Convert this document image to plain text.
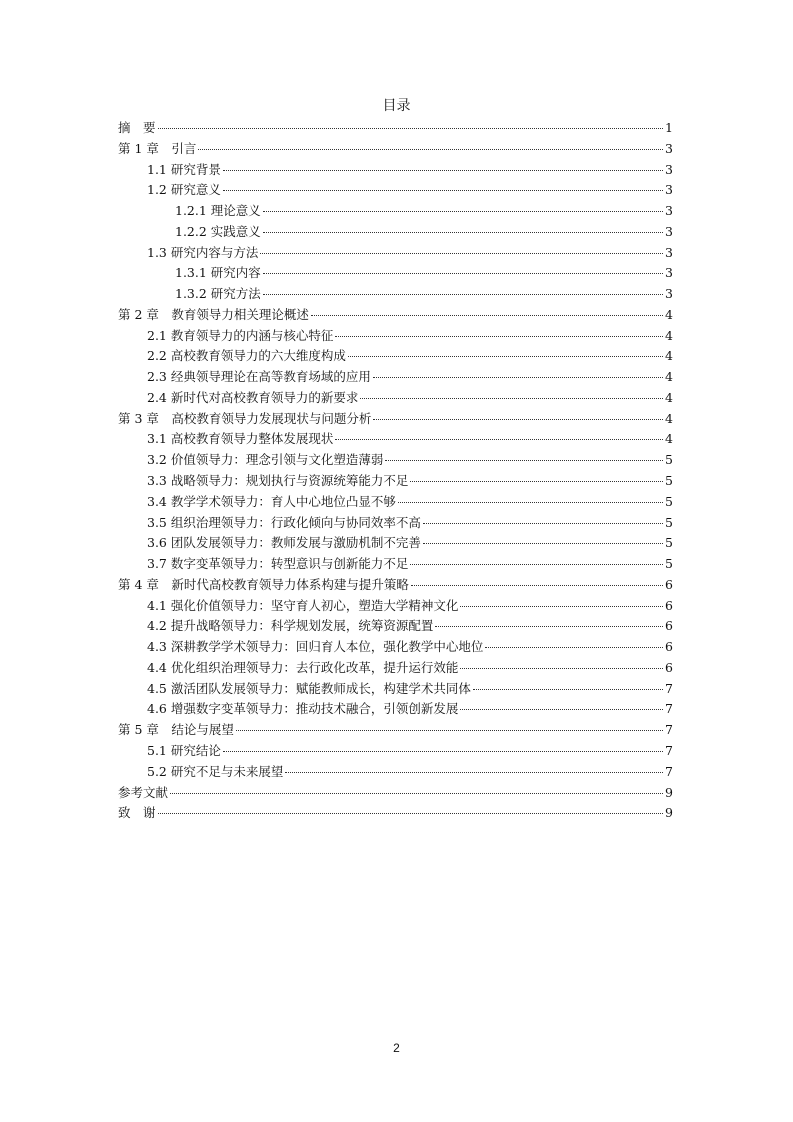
目录
摘　要	1
第 1 章　引言	3
1.1 研究背景	3
1.2 研究意义	3
1.2.1 理论意义	3
1.2.2 实践意义	3
1.3 研究内容与方法	3
1.3.1 研究内容	3
1.3.2 研究方法	3
第 2 章　教育领导力相关理论概述	4
2.1 教育领导力的内涵与核心特征	4
2.2 高校教育领导力的六大维度构成	4
2.3 经典领导理论在高等教育场域的应用	4
2.4 新时代对高校教育领导力的新要求	4
第 3 章　高校教育领导力发展现状与问题分析	4
3.1 高校教育领导力整体发展现状	4
3.2 价值领导力：理念引领与文化塑造薄弱	5
3.3 战略领导力：规划执行与资源统筹能力不足	5
3.4 教学学术领导力：育人中心地位凸显不够	5
3.5 组织治理领导力：行政化倾向与协同效率不高	5
3.6 团队发展领导力：教师发展与激励机制不完善	5
3.7 数字变革领导力：转型意识与创新能力不足	5
第 4 章　新时代高校教育领导力体系构建与提升策略	6
4.1 强化价值领导力：坚守育人初心，塑造大学精神文化	6
4.2 提升战略领导力：科学规划发展，统筹资源配置	6
4.3 深耕教学学术领导力：回归育人本位，强化教学中心地位	6
4.4 优化组织治理领导力：去行政化改革，提升运行效能	6
4.5 激活团队发展领导力：赋能教师成长，构建学术共同体	7
4.6 增强数字变革领导力：推动技术融合，引领创新发展	7
第 5 章　结论与展望	7
5.1 研究结论	7
5.2 研究不足与未来展望	7
参考文献	9
致　谢	9
2
